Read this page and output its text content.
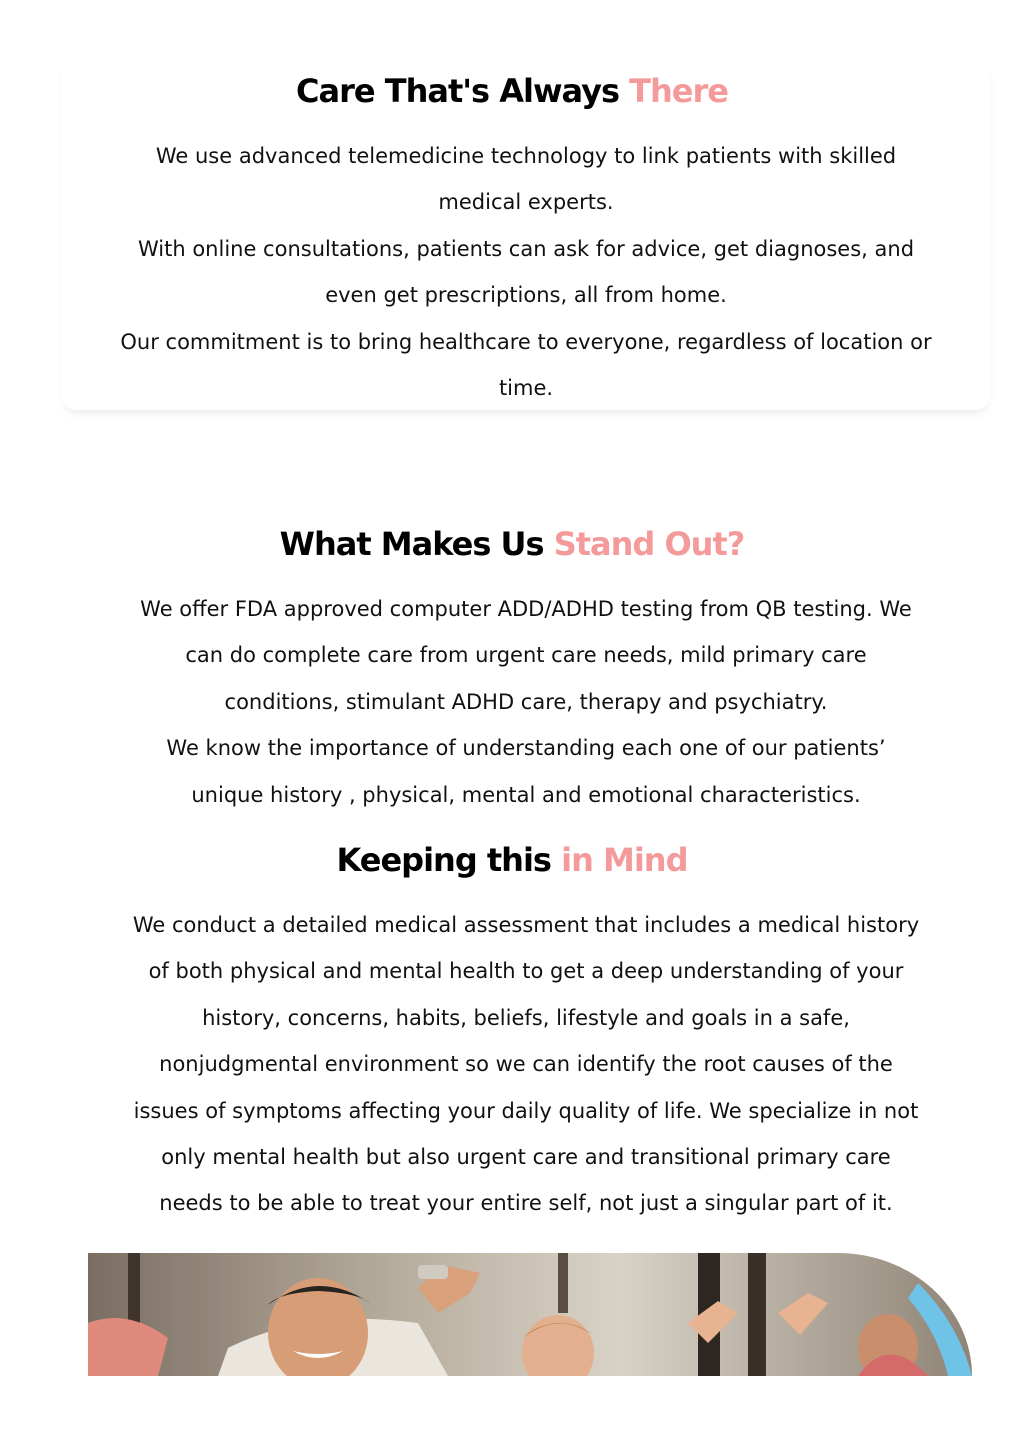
Care That's Always There
We use advanced telemedicine technology to link patients with skilled
medical experts.
With online consultations, patients can ask for advice, get diagnoses, and
even get prescriptions, all from home.
Our commitment is to bring healthcare to everyone, regardless of location or
time.
What Makes Us Stand Out?
We offer FDA approved computer ADD/ADHD testing from QB testing. We
can do complete care from urgent care needs, mild primary care
conditions, stimulant ADHD care, therapy and psychiatry.
We know the importance of understanding each one of our patients’
unique history , physical, mental and emotional characteristics.
Keeping this in Mind
We conduct a detailed medical assessment that includes a medical history
of both physical and mental health to get a deep understanding of your
history, concerns, habits, beliefs, lifestyle and goals in a safe,
nonjudgmental environment so we can identify the root causes of the
issues of symptoms affecting your daily quality of life. We specialize in not
only mental health but also urgent care and transitional primary care
needs to be able to treat your entire self, not just a singular part of it.
